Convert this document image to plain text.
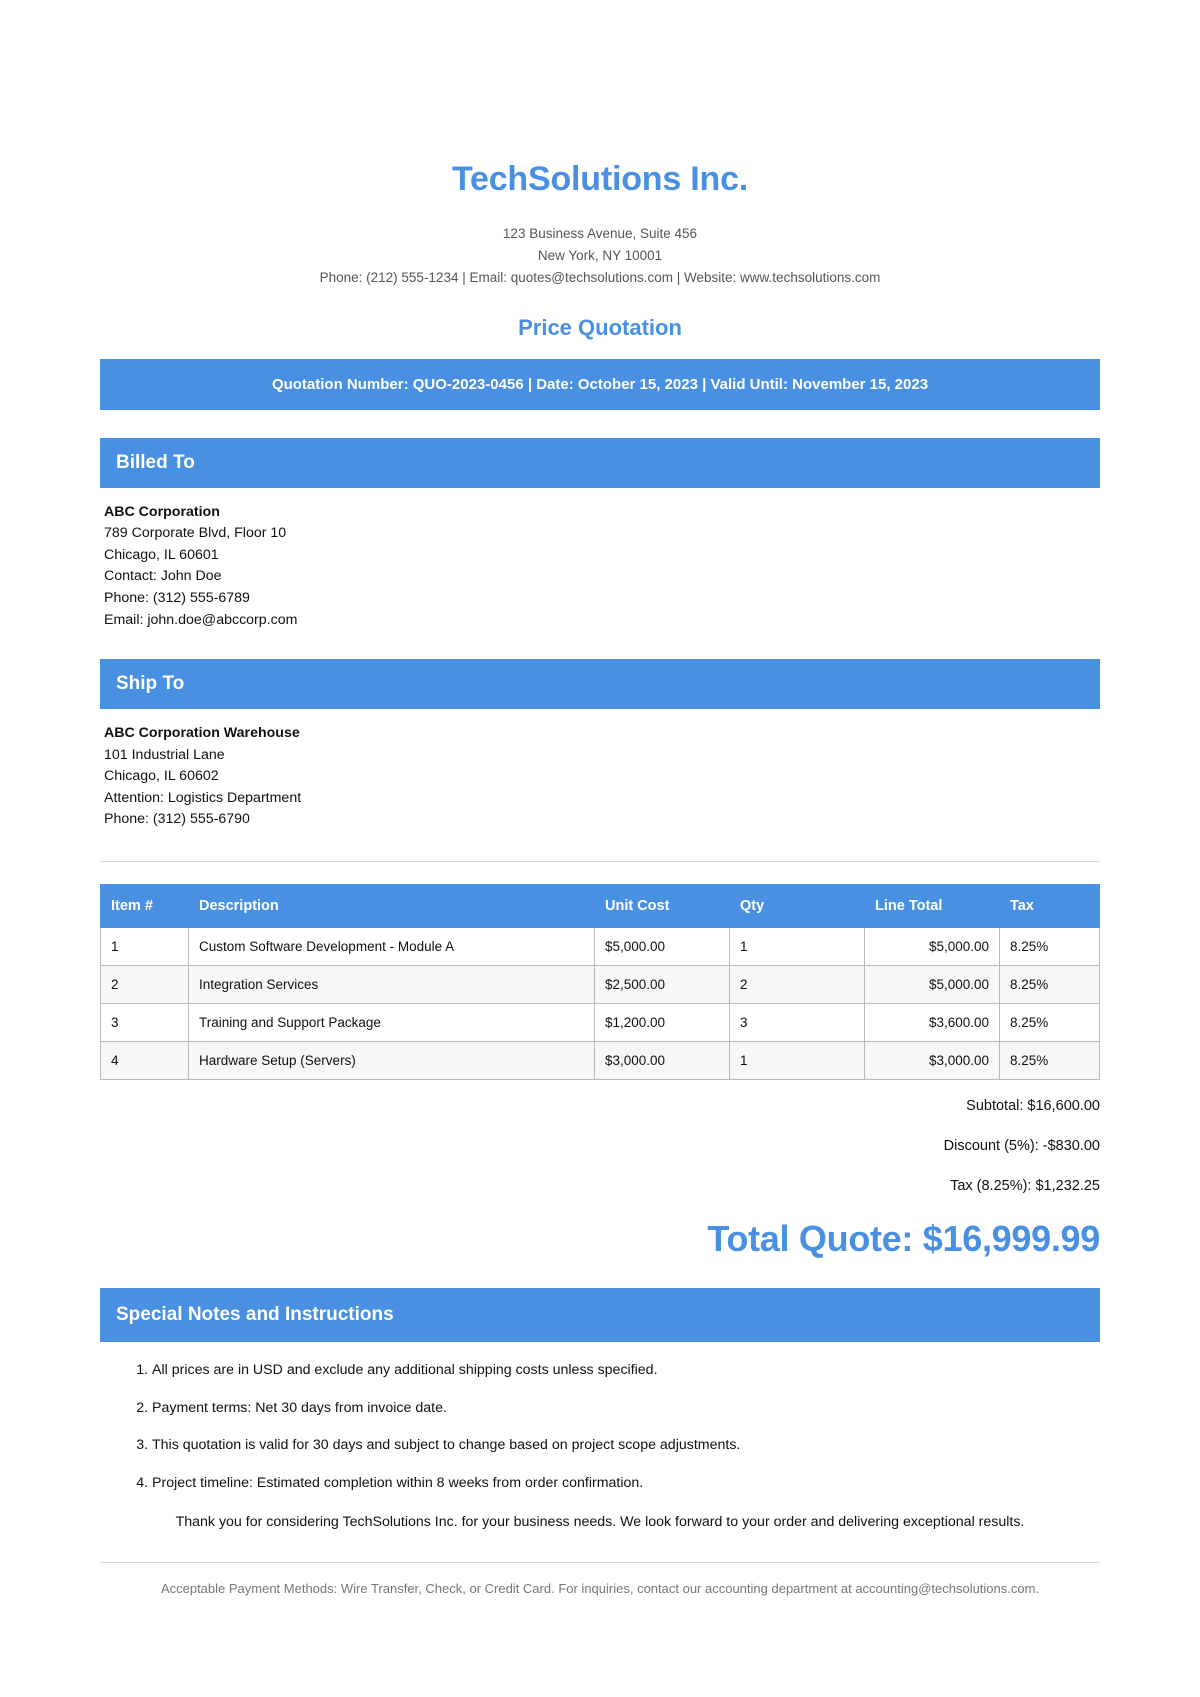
TechSolutions Inc.
123 Business Avenue, Suite 456
New York, NY 10001
Phone: (212) 555-1234 | Email: quotes@techsolutions.com | Website: www.techsolutions.com
Price Quotation
Quotation Number: QUO-2023-0456 | Date: October 15, 2023 | Valid Until: November 15, 2023
Billed To
ABC Corporation
789 Corporate Blvd, Floor 10
Chicago, IL 60601
Contact: John Doe
Phone: (312) 555-6789
Email: john.doe@abccorp.com
Ship To
ABC Corporation Warehouse
101 Industrial Lane
Chicago, IL 60602
Attention: Logistics Department
Phone: (312) 555-6790
Item #	Description	Unit Cost	Qty	Line Total	Tax
1	Custom Software Development - Module A	$5,000.00	1	$5,000.00	8.25%
2	Integration Services	$2,500.00	2	$5,000.00	8.25%
3	Training and Support Package	$1,200.00	3	$3,600.00	8.25%
4	Hardware Setup (Servers)	$3,000.00	1	$3,000.00	8.25%
Subtotal: $16,600.00
Discount (5%): -$830.00
Tax (8.25%): $1,232.25
Total Quote: $16,999.99
Special Notes and Instructions
1. All prices are in USD and exclude any additional shipping costs unless specified.
2. Payment terms: Net 30 days from invoice date.
3. This quotation is valid for 30 days and subject to change based on project scope adjustments.
4. Project timeline: Estimated completion within 8 weeks from order confirmation.
Thank you for considering TechSolutions Inc. for your business needs. We look forward to your order and delivering exceptional results.
Acceptable Payment Methods: Wire Transfer, Check, or Credit Card. For inquiries, contact our accounting department at accounting@techsolutions.com.
